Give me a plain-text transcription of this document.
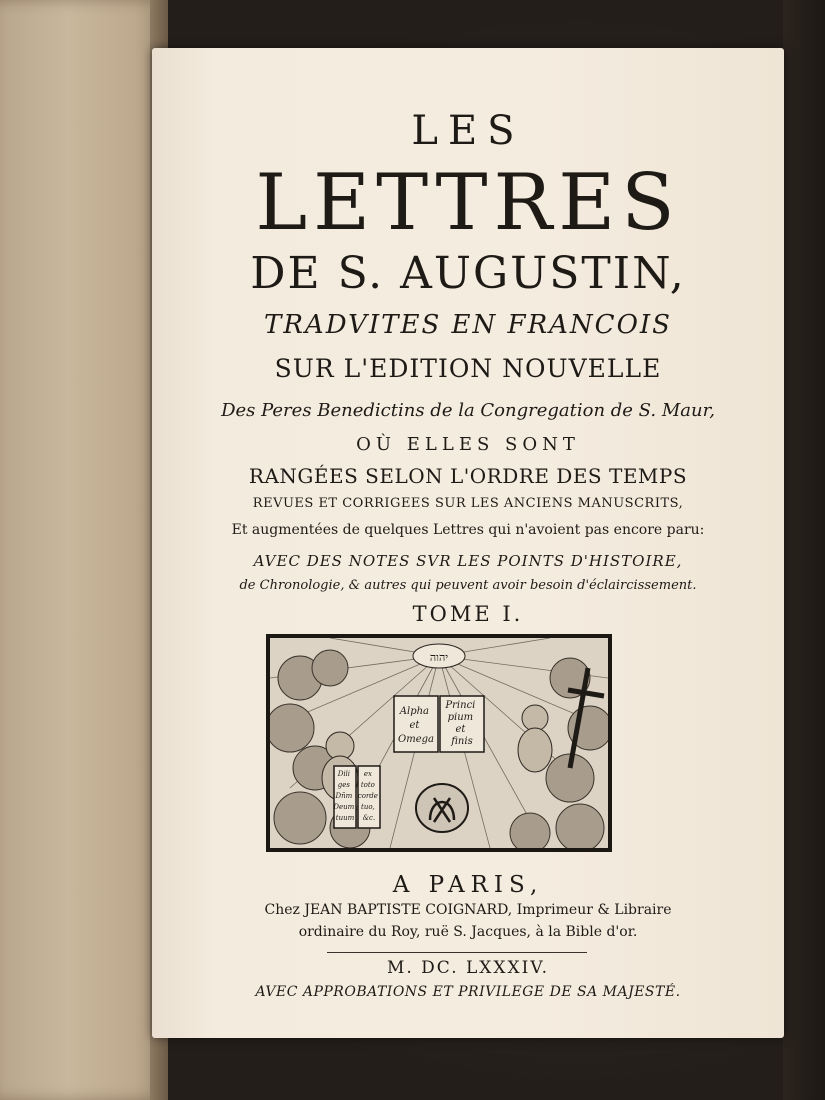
LES
LETTRES
DE S. AUGUSTIN,
TRADVITES EN FRANCOIS
SUR L'EDITION NOUVELLE
Des Peres Benedictins de la Congregation de S. Maur,
OÙ ELLES SONT
RANGÉES SELON L'ORDRE DES TEMPS
REVUES ET CORRIGEES SUR LES ANCIENS MANUSCRITS,
Et augmentées de quelques Lettres qui n'avoient pas encore paru:
AVEC DES NOTES SVR LES POINTS D'HISTOIRE,
de Chronologie, & autres qui peuvent avoir besoin d'éclaircissement.
TOME I.
יהוה
Alpha et Omega
Princi pium et finis
Dili ges Dñm Deum tuum
ex toto corde tuo, &c.
A PARIS,
Chez JEAN BAPTISTE COIGNARD, Imprimeur & Libraire
ordinaire du Roy, ruë S. Jacques, à la Bible d'or.
M. DC. LXXXIV.
AVEC APPROBATIONS ET PRIVILEGE DE SA MAJESTÉ.
